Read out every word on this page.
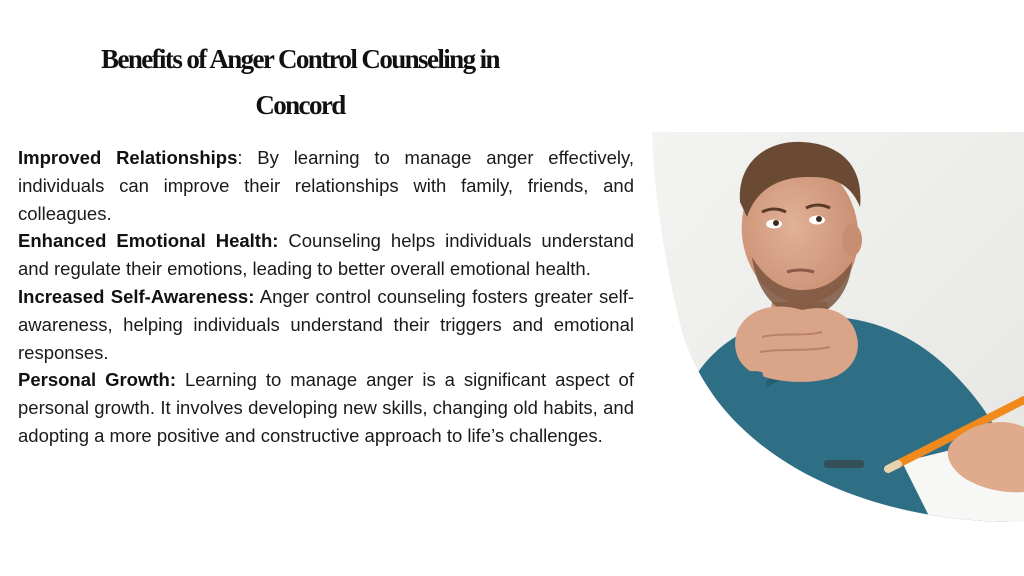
Benefits of Anger Control Counseling in
Concord

Improved Relationships: By learning to manage anger effectively, individuals can improve their relationships with family, friends, and colleagues.

Enhanced Emotional Health: Counseling helps individuals understand and regulate their emotions, leading to better overall emotional health.

Increased Self-Awareness: Anger control counseling fosters greater self-awareness, helping individuals understand their triggers and emotional responses.

Personal Growth: Learning to manage anger is a significant aspect of personal growth. It involves developing new skills, changing old habits, and adopting a more positive and constructive approach to life’s challenges.
